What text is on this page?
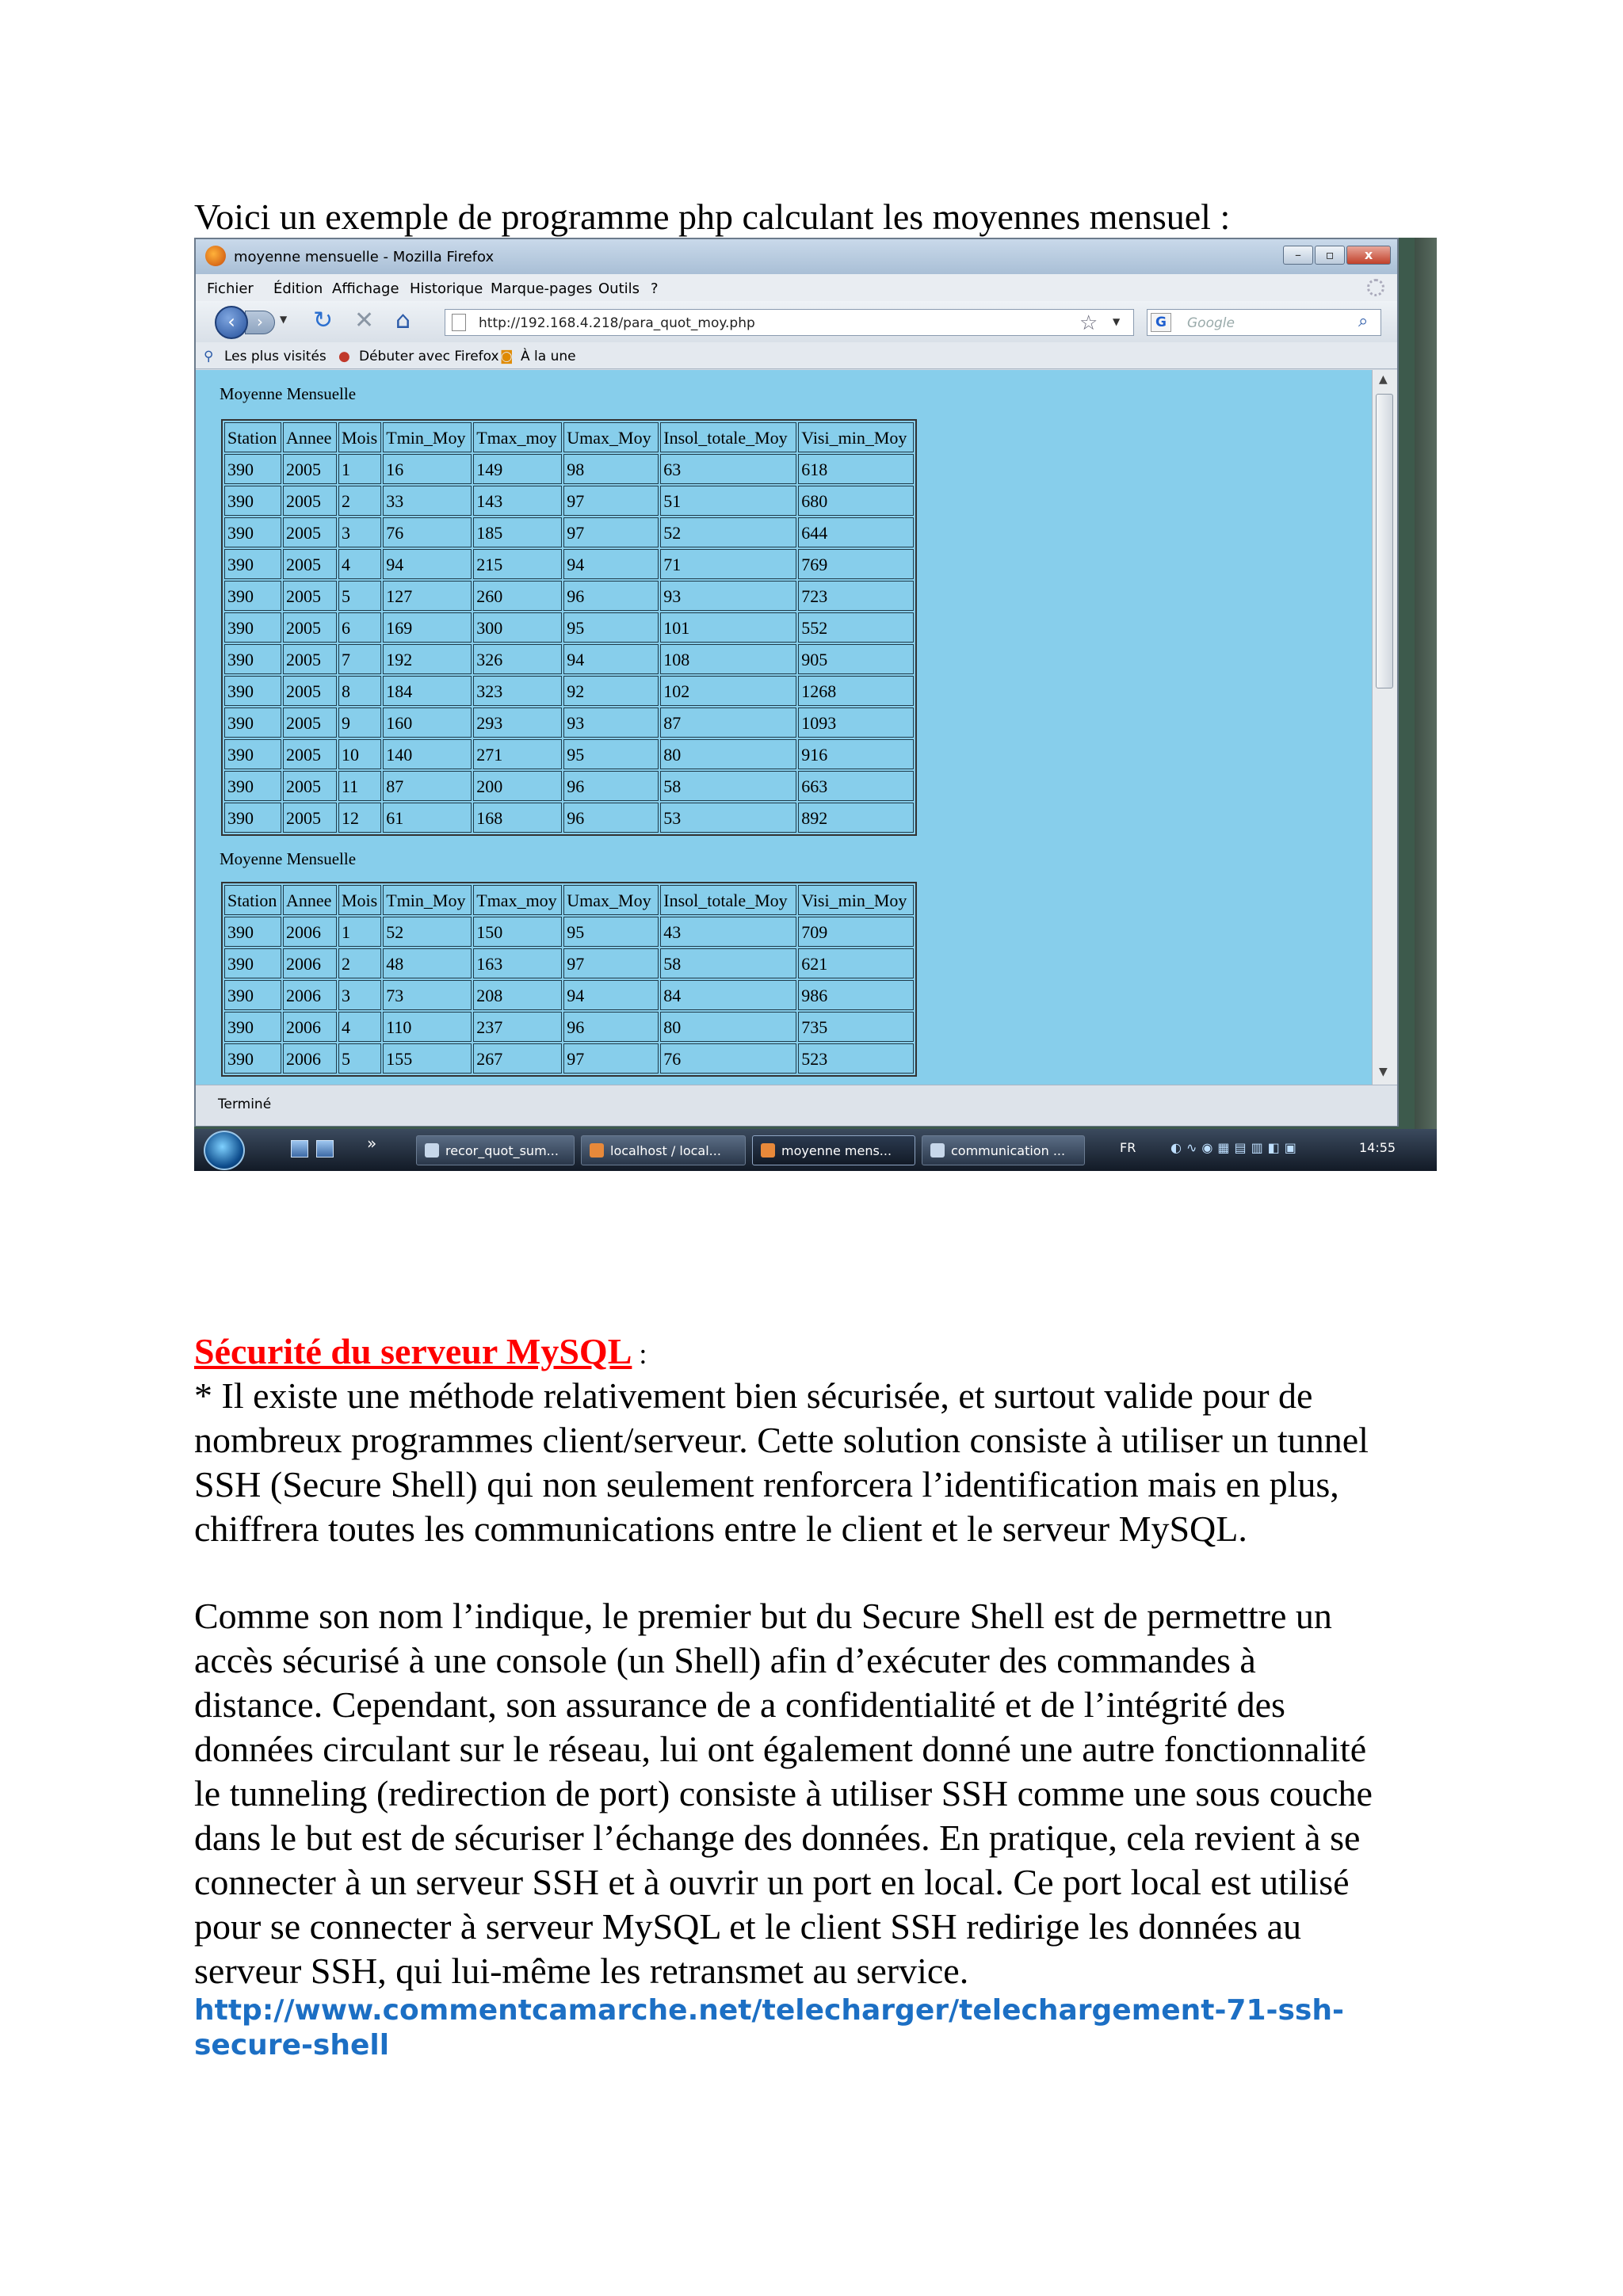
Voici un exemple de programme php calculant les moyennes mensuel :
moyenne mensuelle - Mozilla Firefox	–	▫	x
Fichier Édition Affichage Historique Marque-pages Outils ?
›
‹	▼ ↻ ✕ ⌂	http://192.168.4.218/para_quot_moy.php	☆ ▼	G	Google	⌕
⚲ Les plus visités ● Débuter avec Firefox ◙ À la une
Moyenne Mensuelle
Station	Annee	Mois	Tmin_Moy	Tmax_moy	Umax_Moy	Insol_totale_Moy	Visi_min_Moy
390	2005	1	16	149	98	63	618
390	2005	2	33	143	97	51	680
390	2005	3	76	185	97	52	644
390	2005	4	94	215	94	71	769
390	2005	5	127	260	96	93	723
390	2005	6	169	300	95	101	552
390	2005	7	192	326	94	108	905
390	2005	8	184	323	92	102	1268
390	2005	9	160	293	93	87	1093
390	2005	10	140	271	95	80	916
390	2005	11	87	200	96	58	663
390	2005	12	61	168	96	53	892
Moyenne Mensuelle
Station	Annee	Mois	Tmin_Moy	Tmax_moy	Umax_Moy	Insol_totale_Moy	Visi_min_Moy
390	2006	1	52	150	95	43	709
390	2006	2	48	163	97	58	621
390	2006	3	73	208	94	84	986
390	2006	4	110	237	96	80	735
390	2006	5	155	267	97	76	523
▲
▼
Terminé
»	recor_quot_sum...	localhost / local...	moyenne mens...	communication ...	FR	◐∿◉▦▤▥◧▣	14:55
Sécurité du serveur MySQL :
* Il existe une méthode relativement bien sécurisée, et surtout valide pour de
nombreux programmes client/serveur. Cette solution consiste à utiliser un tunnel
SSH (Secure Shell) qui non seulement renforcera l’identification mais en plus,
chiffrera toutes les communications entre le client et le serveur MySQL.
Comme son nom l’indique, le premier but du Secure Shell est de permettre un
accès sécurisé à une console (un Shell) afin d’exécuter des commandes à
distance. Cependant, son assurance de a confidentialité et de l’intégrité des
données circulant sur le réseau, lui ont également donné une autre fonctionnalité
le tunneling (redirection de port) consiste à utiliser SSH comme une sous couche
dans le but est de sécuriser l’échange des données. En pratique, cela revient à se
connecter à un serveur SSH et à ouvrir un port en local. Ce port local est utilisé
pour se connecter à serveur MySQL et le client SSH redirige les données au
serveur SSH, qui lui-même les retransmet au service.
http://www.commentcamarche.net/telecharger/telechargement-71-ssh-
secure-shell
